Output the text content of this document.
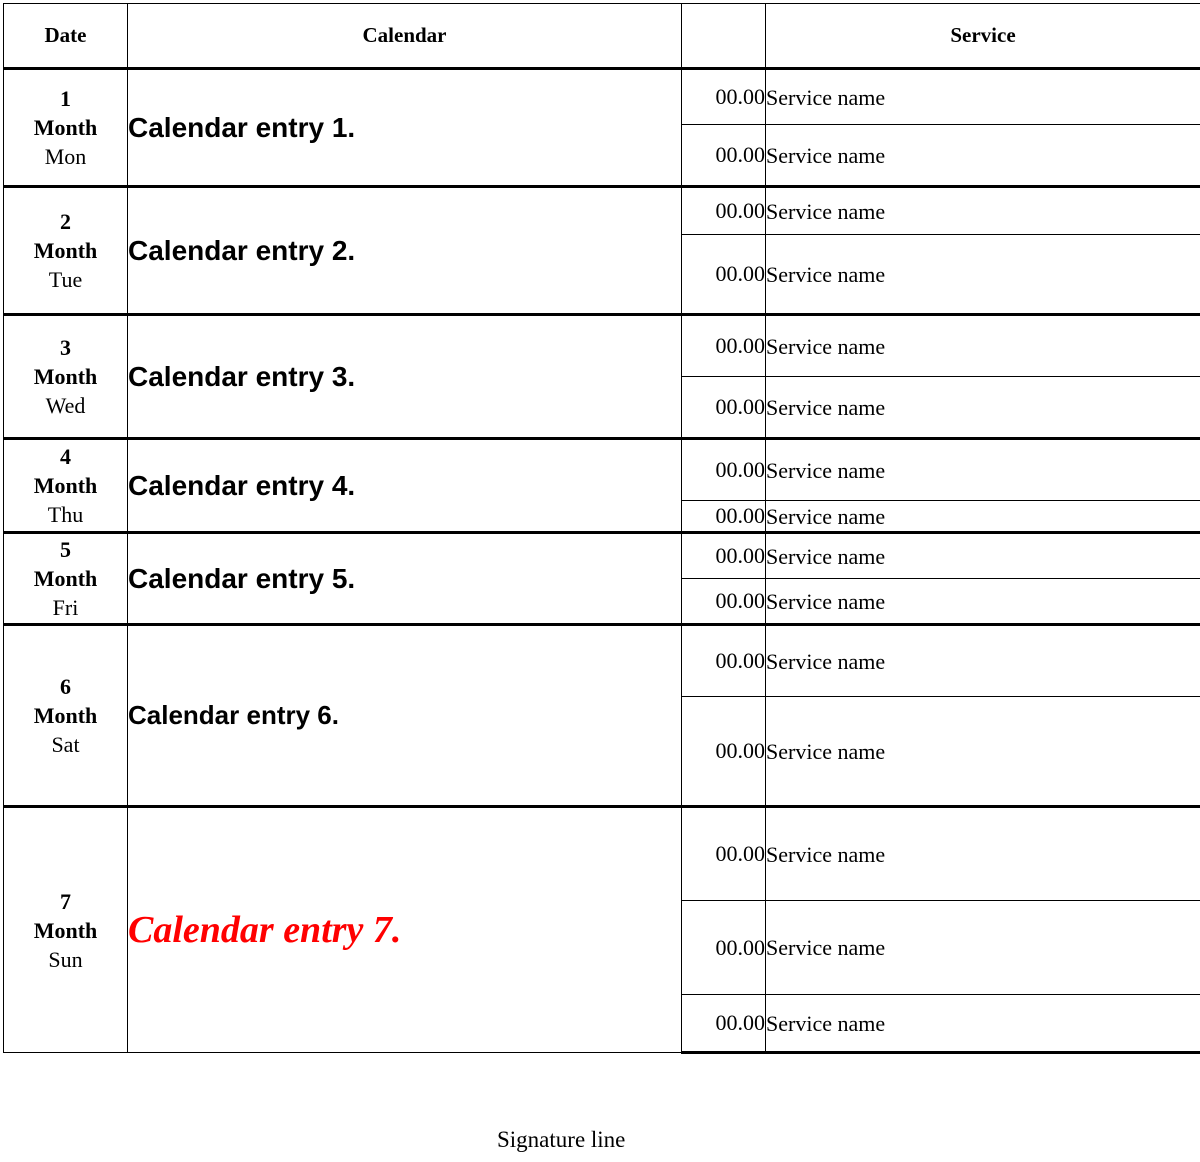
Date	Calendar		Service

1
Month
Mon	Calendar entry 1.	00.00	Service name

		00.00	Service name

2
Month
Tue	Calendar entry 2.	00.00	Service name

		00.00	Service name

3
Month
Wed	Calendar entry 3.	00.00	Service name

		00.00	Service name

4
Month
Thu	Calendar entry 4.	00.00	Service name

		00.00	Service name

5
Month
Fri	Calendar entry 5.	00.00	Service name

		00.00	Service name

6
Month
Sat	Calendar entry 6.	00.00	Service name

		00.00	Service name

7
Month
Sun	Calendar entry 7.	00.00	Service name

		00.00	Service name

		00.00	Service name
Signature line
